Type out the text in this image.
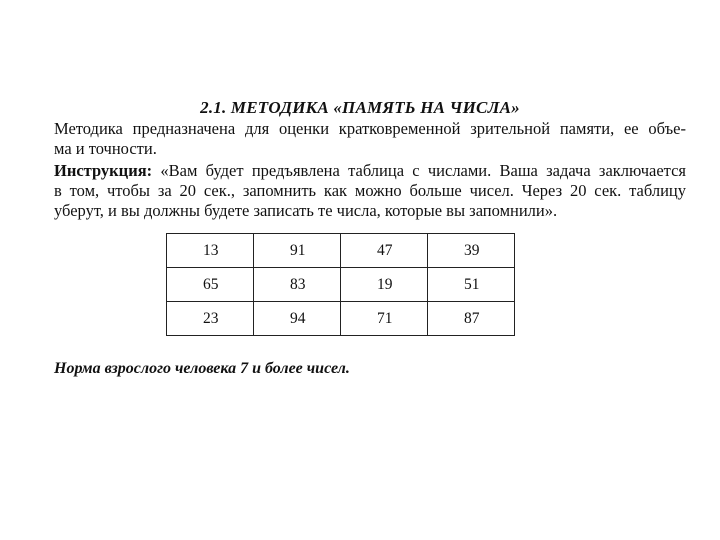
2.1. МЕТОДИКА «ПАМЯТЬ НА ЧИСЛА»
Методика предназначена для оценки кратковременной зрительной памяти, ее объе-
ма и точности.
Инструкция: «Вам будет предъявлена таблица с числами. Ваша задача заключается
в том, чтобы за 20 сек., запомнить как можно больше чисел. Через 20 сек. таблицу
уберут, и вы должны будете записать те числа, которые вы запомнили».
13	91	47	39
65	83	19	51
23	94	71	87
Норма взрослого человека 7 и более чисел.
